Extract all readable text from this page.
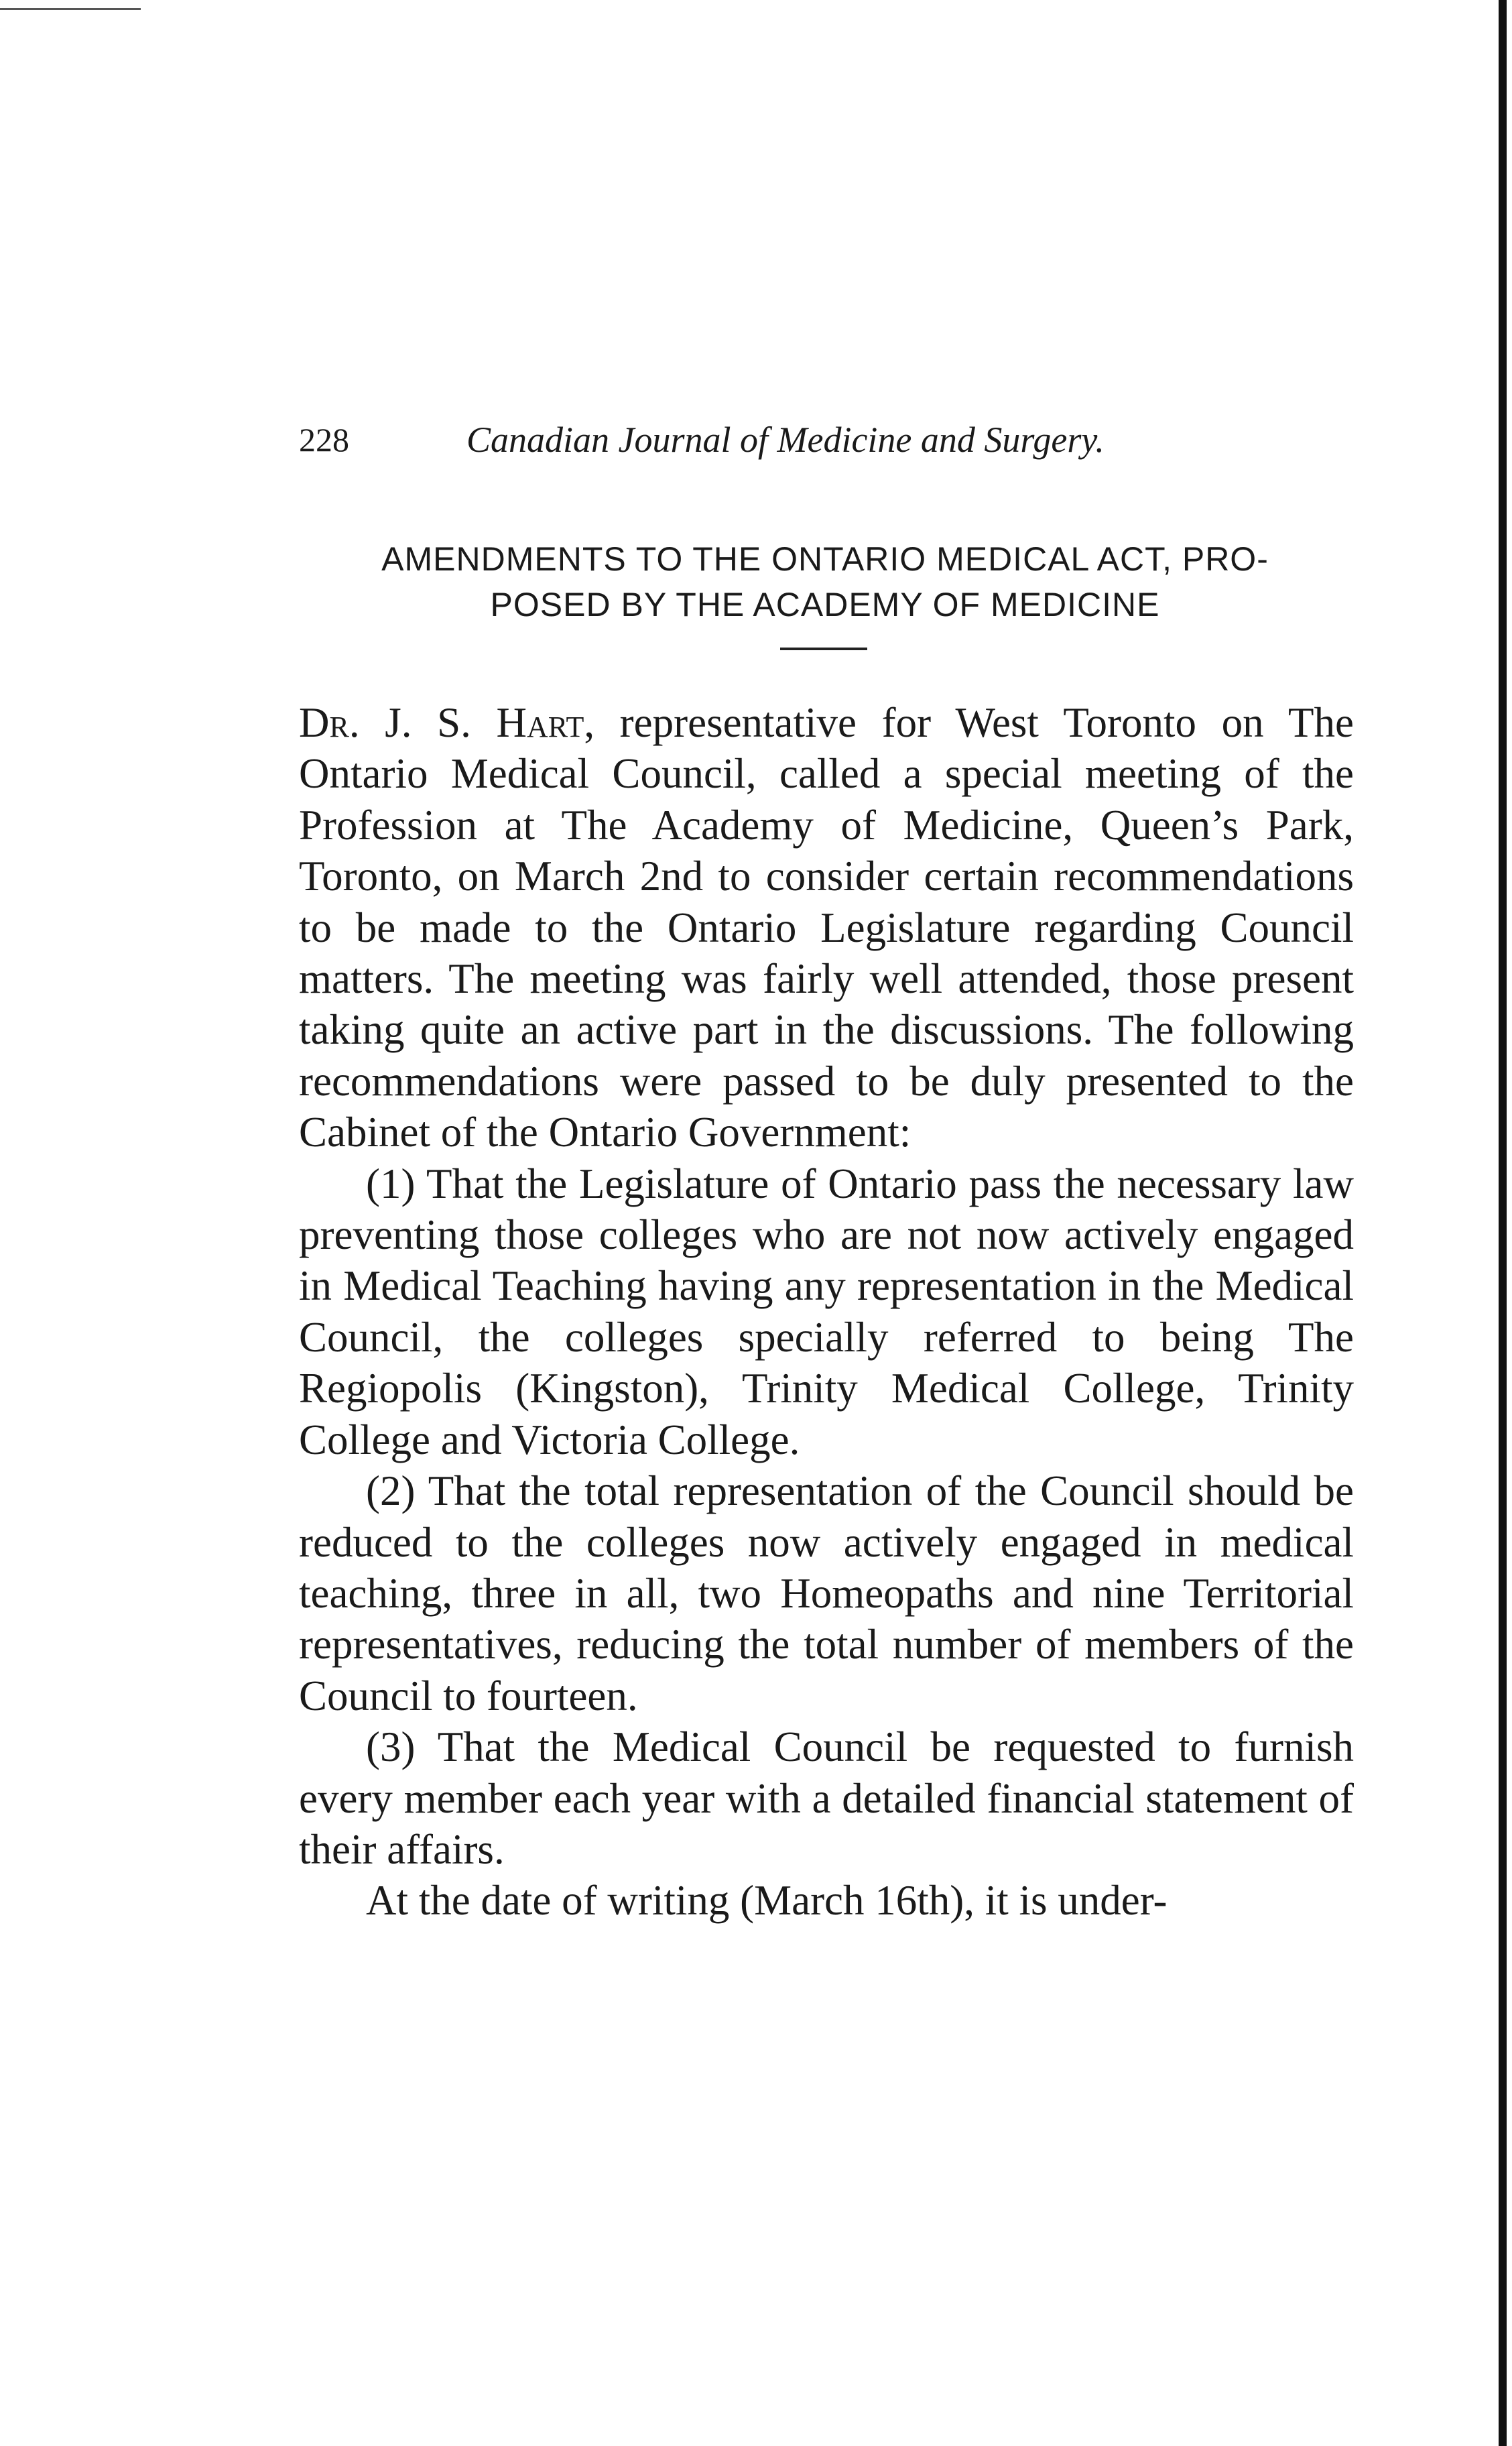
228	Canadian Journal of Medicine and Surgery.
AMENDMENTS TO THE ONTARIO MEDICAL ACT, PRO-
POSED BY THE ACADEMY OF MEDICINE

Dr. J. S. Hart, representative for West Toronto on The Ontario Medical Council, called a special meeting of the Profession at The Academy of Medicine, Queen’s Park, Toronto, on March 2nd to consider certain recommendations to be made to the Ontario Legislature regarding Council matters. The meeting was fairly well attended, those present taking quite an active part in the discussions. The following recommendations were passed to be duly presented to the Cabinet of the Ontario Government:

(1) That the Legislature of Ontario pass the necessary law preventing those colleges who are not now actively engaged in Medical Teaching having any representation in the Medical Council, the colleges specially referred to being The Regiopolis (Kingston), Trinity Medical College, Trinity College and Victoria College.

(2) That the total representation of the Council should be reduced to the colleges now actively engaged in medical teaching, three in all, two Homeopaths and nine Territorial representatives, reducing the total number of members of the Council to fourteen.

(3) That the Medical Council be requested to furnish every member each year with a detailed financial statement of their affairs.

At the date of writing (March 16th), it is under-
